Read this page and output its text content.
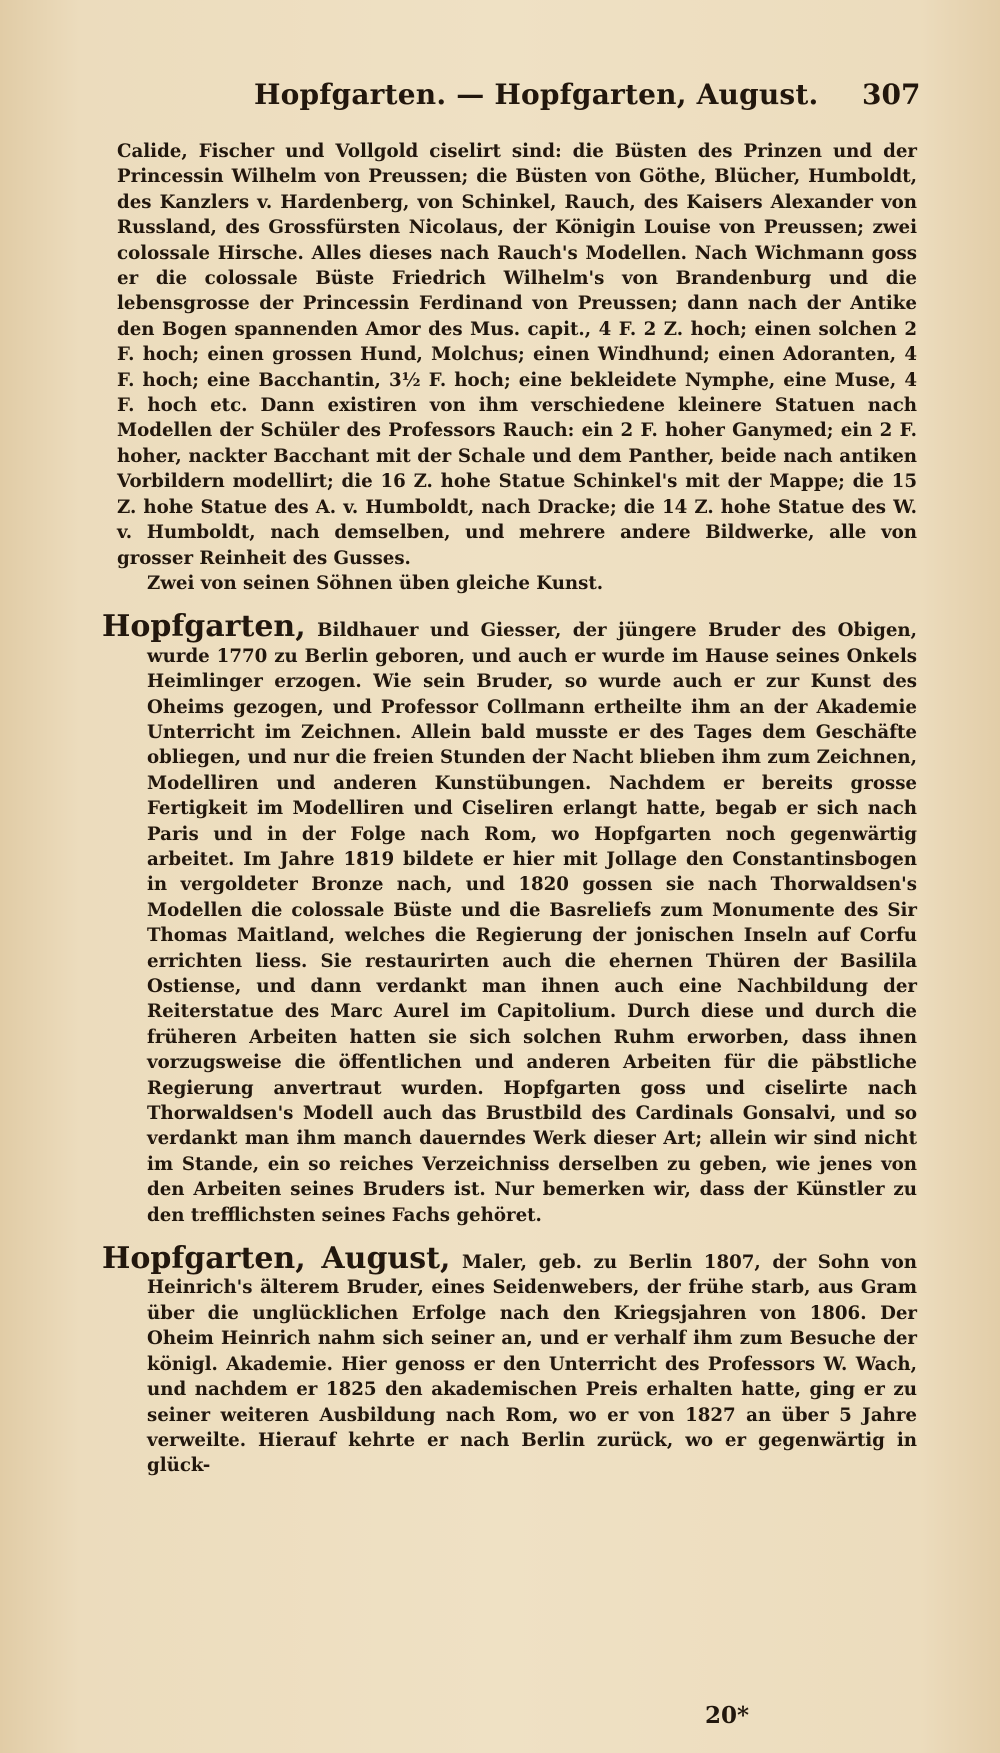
Hopfgarten. — Hopfgarten, August. 307

Calide, Fischer und Vollgold ciselirt sind: die Büsten des Prinzen und der Princessin Wilhelm von Preussen; die Büsten von Göthe, Blücher, Humboldt, des Kanzlers v. Hardenberg, von Schinkel, Rauch, des Kaisers Alexander von Russland, des Grossfürsten Nicolaus, der Königin Louise von Preussen; zwei colossale Hirsche. Alles dieses nach Rauch's Modellen. Nach Wichmann goss er die colossale Büste Friedrich Wilhelm's von Brandenburg und die lebensgrosse der Princessin Ferdinand von Preussen; dann nach der Antike den Bogen spannenden Amor des Mus. capit., 4 F. 2 Z. hoch; einen solchen 2 F. hoch; einen grossen Hund, Molchus; einen Windhund; einen Adoranten, 4 F. hoch; eine Bacchantin, 3½ F. hoch; eine bekleidete Nymphe, eine Muse, 4 F. hoch etc. Dann existiren von ihm verschiedene kleinere Statuen nach Modellen der Schüler des Professors Rauch: ein 2 F. hoher Ganymed; ein 2 F. hoher, nackter Bacchant mit der Schale und dem Panther, beide nach antiken Vorbildern modellirt; die 16 Z. hohe Statue Schinkel's mit der Mappe; die 15 Z. hohe Statue des A. v. Humboldt, nach Dracke; die 14 Z. hohe Statue des W. v. Humboldt, nach demselben, und mehrere andere Bildwerke, alle von grosser Reinheit des Gusses.

Zwei von seinen Söhnen üben gleiche Kunst.

Hopfgarten, Bildhauer und Giesser, der jüngere Bruder des Obigen, wurde 1770 zu Berlin geboren, und auch er wurde im Hause seines Onkels Heimlinger erzogen. Wie sein Bruder, so wurde auch er zur Kunst des Oheims gezogen, und Professor Collmann ertheilte ihm an der Akademie Unterricht im Zeichnen. Allein bald musste er des Tages dem Geschäfte obliegen, und nur die freien Stunden der Nacht blieben ihm zum Zeichnen, Modelliren und anderen Kunstübungen. Nachdem er bereits grosse Fertigkeit im Modelliren und Ciseliren erlangt hatte, begab er sich nach Paris und in der Folge nach Rom, wo Hopfgarten noch gegenwärtig arbeitet. Im Jahre 1819 bildete er hier mit Jollage den Constantinsbogen in vergoldeter Bronze nach, und 1820 gossen sie nach Thorwaldsen's Modellen die colossale Büste und die Basreliefs zum Monumente des Sir Thomas Maitland, welches die Regierung der jonischen Inseln auf Corfu errichten liess. Sie restaurirten auch die ehernen Thüren der Basilila Ostiense, und dann verdankt man ihnen auch eine Nachbildung der Reiterstatue des Marc Aurel im Capitolium. Durch diese und durch die früheren Arbeiten hatten sie sich solchen Ruhm erworben, dass ihnen vorzugsweise die öffentlichen und anderen Arbeiten für die päbstliche Regierung anvertraut wurden. Hopfgarten goss und ciselirte nach Thorwaldsen's Modell auch das Brustbild des Cardinals Gonsalvi, und so verdankt man ihm manch dauerndes Werk dieser Art; allein wir sind nicht im Stande, ein so reiches Verzeichniss derselben zu geben, wie jenes von den Arbeiten seines Bruders ist. Nur bemerken wir, dass der Künstler zu den trefflichsten seines Fachs gehöret.

Hopfgarten, August, Maler, geb. zu Berlin 1807, der Sohn von Heinrich's älterem Bruder, eines Seidenwebers, der frühe starb, aus Gram über die unglücklichen Erfolge nach den Kriegsjahren von 1806. Der Oheim Heinrich nahm sich seiner an, und er verhalf ihm zum Besuche der königl. Akademie. Hier genoss er den Unterricht des Professors W. Wach, und nachdem er 1825 den akademischen Preis erhalten hatte, ging er zu seiner weiteren Ausbildung nach Rom, wo er von 1827 an über 5 Jahre verweilte. Hierauf kehrte er nach Berlin zurück, wo er gegenwärtig in glück-

20*
